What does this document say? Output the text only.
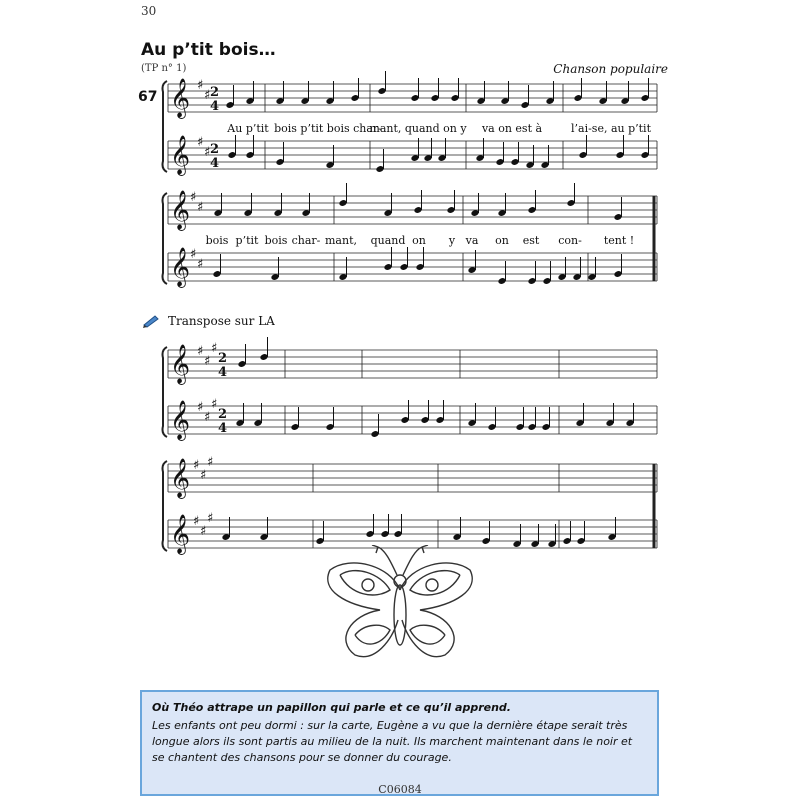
30
Au p’tit bois…
(TP n° 1)	Chanson populaire
67 𝄞
𝄞
♯
♯
♯
♯
2
4
2
4
𝄞
𝄞
♯
♯
♯
♯
𝄞
𝄞
♯
♯
♯
♯
♯
♯
2
4
2
4
𝄞
𝄞
♯
♯
♯
♯
♯
♯
Au p’tit bois p’tit bois char-
mant, quand on y va on est à	l’ai-se, au p’tit
bois p’tit bois char- mant, quand on y va on est con- tent !
Transpose sur LA
Où Théo attrape un papillon qui parle et ce qu’il apprend.
Les enfants ont peu dormi : sur la carte, Eugène a vu que la dernière étape serait très longue alors ils sont partis au milieu de la nuit. Ils marchent maintenant dans le noir et se chantent des chansons pour se donner du courage.
C06084
